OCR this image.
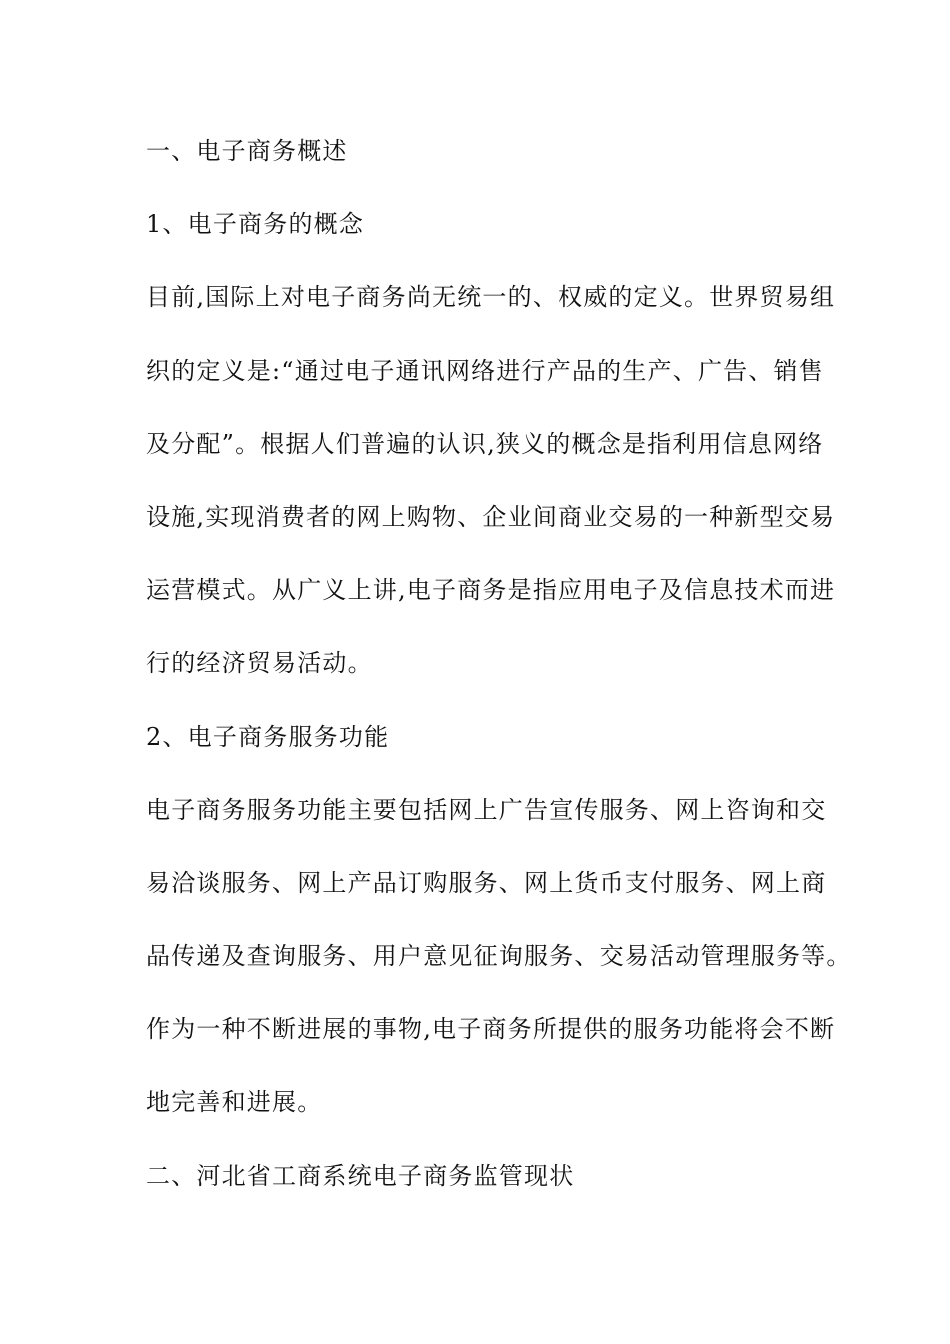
一、电子商务概述
1、电子商务的概念
目前,国际上对电子商务尚无统一的、权威的定义。世界贸易组
织的定义是:“通过电子通讯网络进行产品的生产、广告、销售
及分配”。根据人们普遍的认识,狭义的概念是指利用信息网络
设施,实现消费者的网上购物、企业间商业交易的一种新型交易
运营模式。从广义上讲,电子商务是指应用电子及信息技术而进
行的经济贸易活动。
2、电子商务服务功能
电子商务服务功能主要包括网上广告宣传服务、网上咨询和交
易洽谈服务、网上产品订购服务、网上货币支付服务、网上商
品传递及查询服务、用户意见征询服务、交易活动管理服务等。
作为一种不断进展的事物,电子商务所提供的服务功能将会不断
地完善和进展。
二、河北省工商系统电子商务监管现状
